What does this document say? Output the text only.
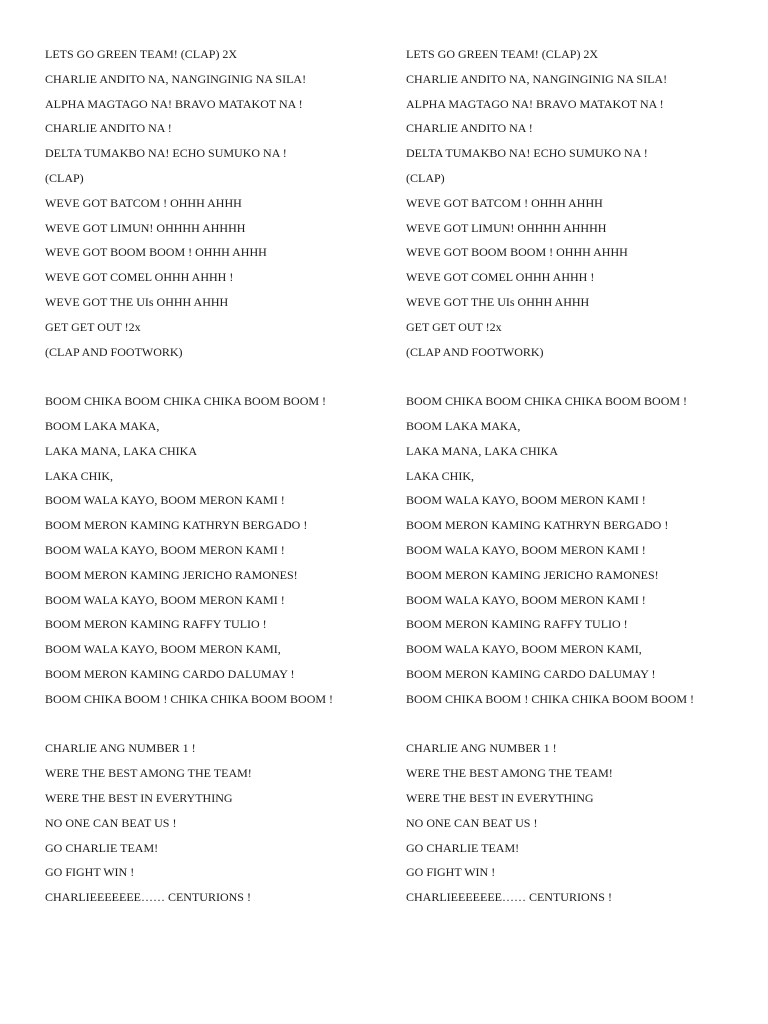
LETS GO GREEN TEAM! (CLAP) 2X
CHARLIE ANDITO NA, NANGINGINIG NA SILA!
ALPHA MAGTAGO NA! BRAVO MATAKOT NA !
CHARLIE ANDITO NA !
DELTA TUMAKBO NA! ECHO SUMUKO NA !
(CLAP)
WEVE GOT BATCOM ! OHHH AHHH
WEVE GOT LIMUN! OHHHH AHHHH
WEVE GOT BOOM BOOM ! OHHH AHHH
WEVE GOT COMEL OHHH AHHH !
WEVE GOT THE UIs OHHH AHHH
GET GET OUT !2x
(CLAP AND FOOTWORK)
BOOM CHIKA BOOM CHIKA CHIKA BOOM BOOM !
BOOM LAKA MAKA,
LAKA MANA, LAKA CHIKA
LAKA CHIK,
BOOM WALA KAYO, BOOM MERON KAMI !
BOOM MERON KAMING KATHRYN BERGADO !
BOOM WALA KAYO, BOOM MERON KAMI !
BOOM MERON KAMING JERICHO RAMONES!
BOOM WALA KAYO, BOOM MERON KAMI !
BOOM MERON KAMING RAFFY TULIO !
BOOM WALA KAYO, BOOM MERON KAMI,
BOOM MERON KAMING CARDO DALUMAY !
BOOM CHIKA BOOM ! CHIKA CHIKA BOOM BOOM !
CHARLIE ANG NUMBER 1 !
WERE THE BEST AMONG THE TEAM!
WERE THE BEST IN EVERYTHING
NO ONE CAN BEAT US !
GO CHARLIE TEAM!
GO FIGHT WIN !
CHARLIEEEEEEE…… CENTURIONS !
LETS GO GREEN TEAM! (CLAP) 2X
CHARLIE ANDITO NA, NANGINGINIG NA SILA!
ALPHA MAGTAGO NA! BRAVO MATAKOT NA !
CHARLIE ANDITO NA !
DELTA TUMAKBO NA! ECHO SUMUKO NA !
(CLAP)
WEVE GOT BATCOM ! OHHH AHHH
WEVE GOT LIMUN! OHHHH AHHHH
WEVE GOT BOOM BOOM ! OHHH AHHH
WEVE GOT COMEL OHHH AHHH !
WEVE GOT THE UIs OHHH AHHH
GET GET OUT !2x
(CLAP AND FOOTWORK)
BOOM CHIKA BOOM CHIKA CHIKA BOOM BOOM !
BOOM LAKA MAKA,
LAKA MANA, LAKA CHIKA
LAKA CHIK,
BOOM WALA KAYO, BOOM MERON KAMI !
BOOM MERON KAMING KATHRYN BERGADO !
BOOM WALA KAYO, BOOM MERON KAMI !
BOOM MERON KAMING JERICHO RAMONES!
BOOM WALA KAYO, BOOM MERON KAMI !
BOOM MERON KAMING RAFFY TULIO !
BOOM WALA KAYO, BOOM MERON KAMI,
BOOM MERON KAMING CARDO DALUMAY !
BOOM CHIKA BOOM ! CHIKA CHIKA BOOM BOOM !
CHARLIE ANG NUMBER 1 !
WERE THE BEST AMONG THE TEAM!
WERE THE BEST IN EVERYTHING
NO ONE CAN BEAT US !
GO CHARLIE TEAM!
GO FIGHT WIN !
CHARLIEEEEEEE…… CENTURIONS !
